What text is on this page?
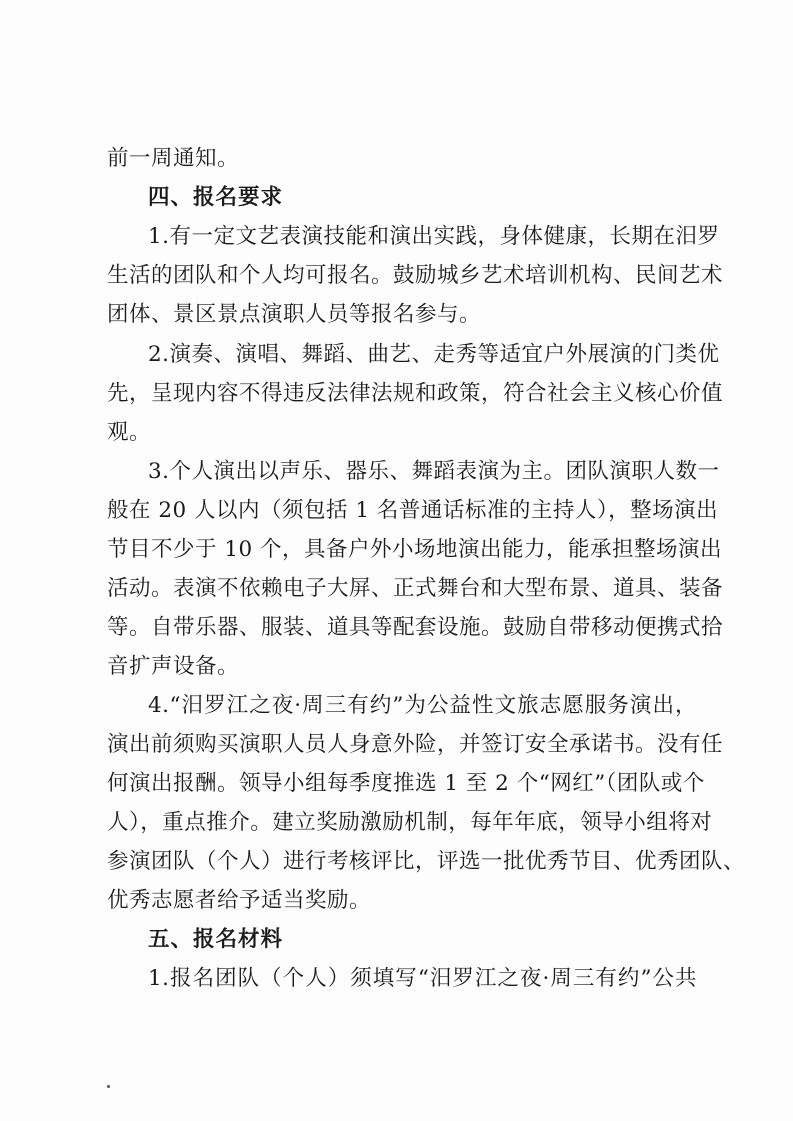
前一周通知。
四、报名要求
1.有一定文艺表演技能和演出实践，身体健康，长期在汨罗
生活的团队和个人均可报名。鼓励城乡艺术培训机构、民间艺术
团体、景区景点演职人员等报名参与。
2.演奏、演唱、舞蹈、曲艺、走秀等适宜户外展演的门类优
先，呈现内容不得违反法律法规和政策，符合社会主义核心价值
观。
3.个人演出以声乐、器乐、舞蹈表演为主。团队演职人数一
般在 20 人以内（须包括 1 名普通话标准的主持人），整场演出
节目不少于 10 个，具备户外小场地演出能力，能承担整场演出
活动。表演不依赖电子大屏、正式舞台和大型布景、道具、装备
等。自带乐器、服装、道具等配套设施。鼓励自带移动便携式拾
音扩声设备。
4.“汨罗江之夜·周三有约”为公益性文旅志愿服务演出，
演出前须购买演职人员人身意外险，并签订安全承诺书。没有任
何演出报酬。领导小组每季度推选 1 至 2 个“网红”（团队或个
人），重点推介。建立奖励激励机制，每年年底，领导小组将对
参演团队（个人）进行考核评比，评选一批优秀节目、优秀团队、
优秀志愿者给予适当奖励。
五、报名材料
1.报名团队（个人）须填写“汨罗江之夜·周三有约”公共
